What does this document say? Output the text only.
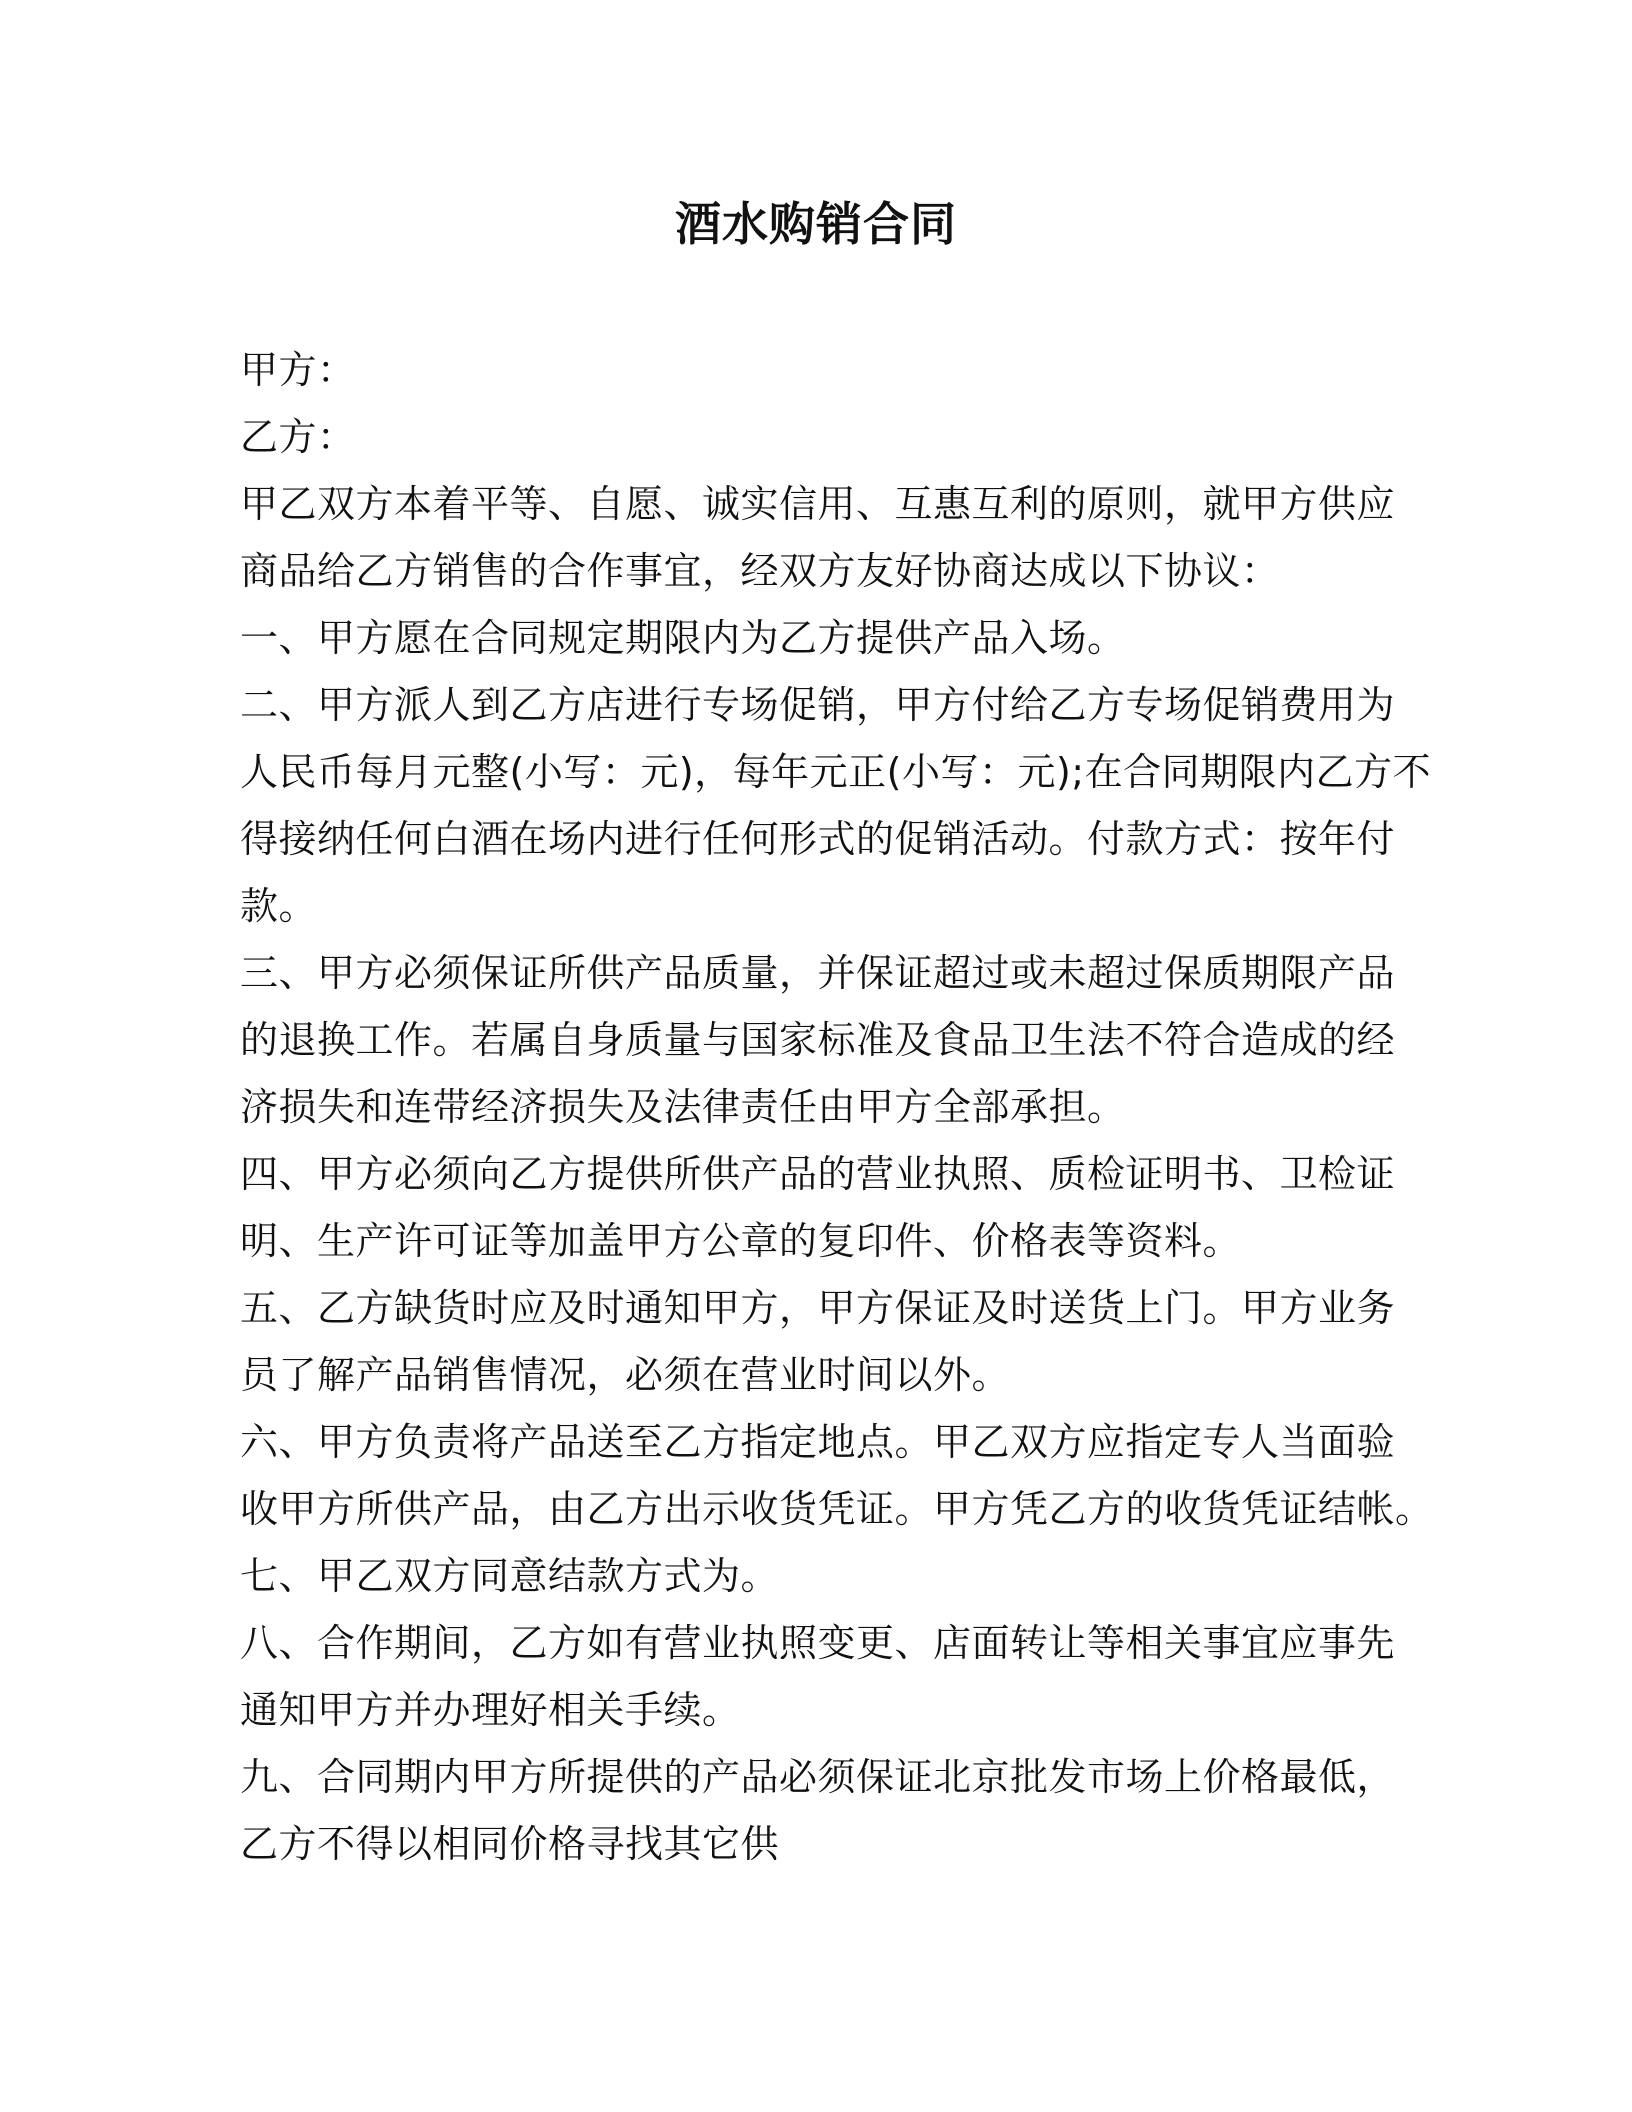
酒水购销合同
甲方：
乙方：
甲乙双方本着平等、自愿、诚实信用、互惠互利的原则，就甲方供应
商品给乙方销售的合作事宜，经双方友好协商达成以下协议：
一、甲方愿在合同规定期限内为乙方提供产品入场。
二、甲方派人到乙方店进行专场促销，甲方付给乙方专场促销费用为
人民币每月元整(小写：元)，每年元正(小写：元);在合同期限内乙方不
得接纳任何白酒在场内进行任何形式的促销活动。付款方式：按年付
款。
三、甲方必须保证所供产品质量，并保证超过或未超过保质期限产品
的退换工作。若属自身质量与国家标准及食品卫生法不符合造成的经
济损失和连带经济损失及法律责任由甲方全部承担。
四、甲方必须向乙方提供所供产品的营业执照、质检证明书、卫检证
明、生产许可证等加盖甲方公章的复印件、价格表等资料。
五、乙方缺货时应及时通知甲方，甲方保证及时送货上门。甲方业务
员了解产品销售情况，必须在营业时间以外。
六、甲方负责将产品送至乙方指定地点。甲乙双方应指定专人当面验
收甲方所供产品，由乙方出示收货凭证。甲方凭乙方的收货凭证结帐。
七、甲乙双方同意结款方式为。
八、合作期间，乙方如有营业执照变更、店面转让等相关事宜应事先
通知甲方并办理好相关手续。
九、合同期内甲方所提供的产品必须保证北京批发市场上价格最低，
乙方不得以相同价格寻找其它供
